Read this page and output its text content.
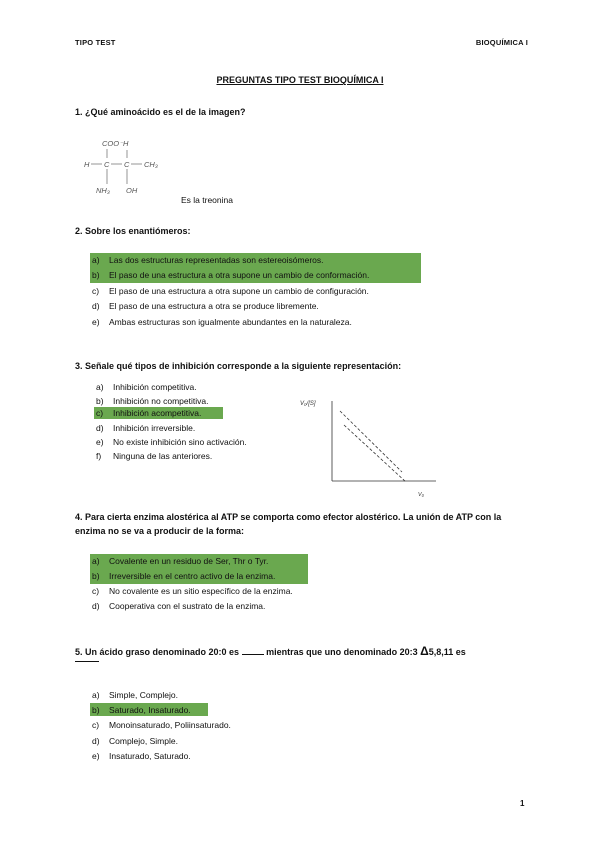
TIPO TEST	BIOQUÍMICA I
PREGUNTAS TIPO TEST BIOQUÍMICA I
1. ¿Qué aminoácido es el de la imagen?
COO⁻H
H	CH₃
NH₃ OH
C C
Es la treonina
2. Sobre los enantiómeros:
a) Las dos estructuras representadas son estereoisómeros.
b) El paso de una estructura a otra supone un cambio de conformación.
c) El paso de una estructura a otra supone un cambio de configuración.
d) El paso de una estructura a otra se produce libremente.
e) Ambas estructuras son igualmente abundantes en la naturaleza.
3. Señale qué tipos de inhibición corresponde a la siguiente representación:
a) Inhibición competitiva.
b) Inhibición no competitiva.
c) Inhibición acompetitiva.
d) Inhibición irreversible.
e) No existe inhibición sino activación.
f) Ninguna de las anteriores.
V₀/[S]
V₀
4. Para cierta enzima alostérica al ATP se comporta como efector alostérico. La unión de ATP con la
enzima no se va a producir de la forma:
a) Covalente en un residuo de Ser, Thr o Tyr.
b) Irreversible en el centro activo de la enzima.
c) No covalente es un sitio específico de la enzima.
d) Cooperativa con el sustrato de la enzima.
5. Un ácido graso denominado 20:0 es	mientras que uno denominado 20:3 Δ5,8,11 es
a) Simple, Complejo.
b) Saturado, Insaturado.
c) Monoinsaturado, Poliinsaturado.
d) Complejo, Simple.
e) Insaturado, Saturado.
1
